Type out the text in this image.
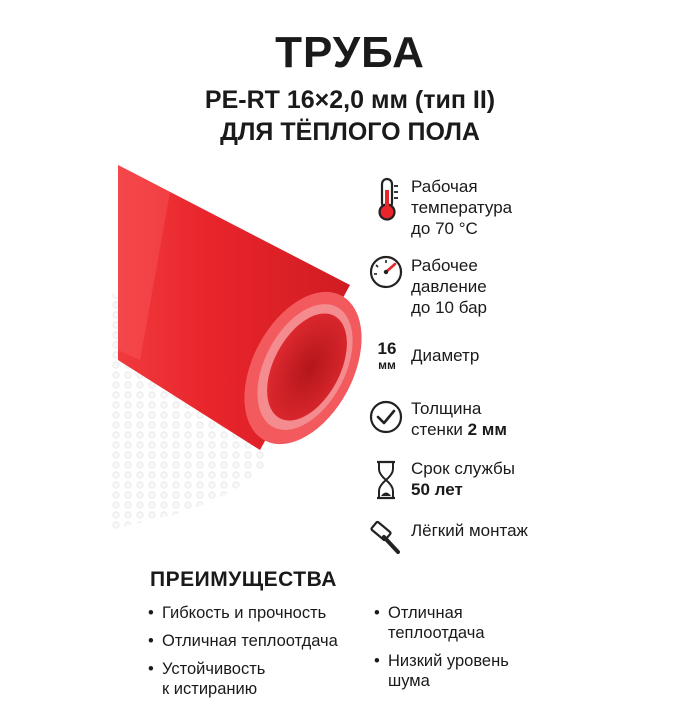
ТРУБА
PE-RT 16×2,0 мм (тип II)
ДЛЯ ТЁПЛОГО ПОЛА
Рабочая
температура
до 70 °С
Рабочее
давление
до 10 бар
16
мм Диаметр
Толщина
стенки 2 мм
Срок службы
50 лет
Лёгкий монтаж
ПРЕИМУЩЕСТВА
• Гибкость и прочность
• Отличная теплоотдача
• Устойчивость
к истиранию
• Отличная
теплоотдача
• Низкий уровень
шума
